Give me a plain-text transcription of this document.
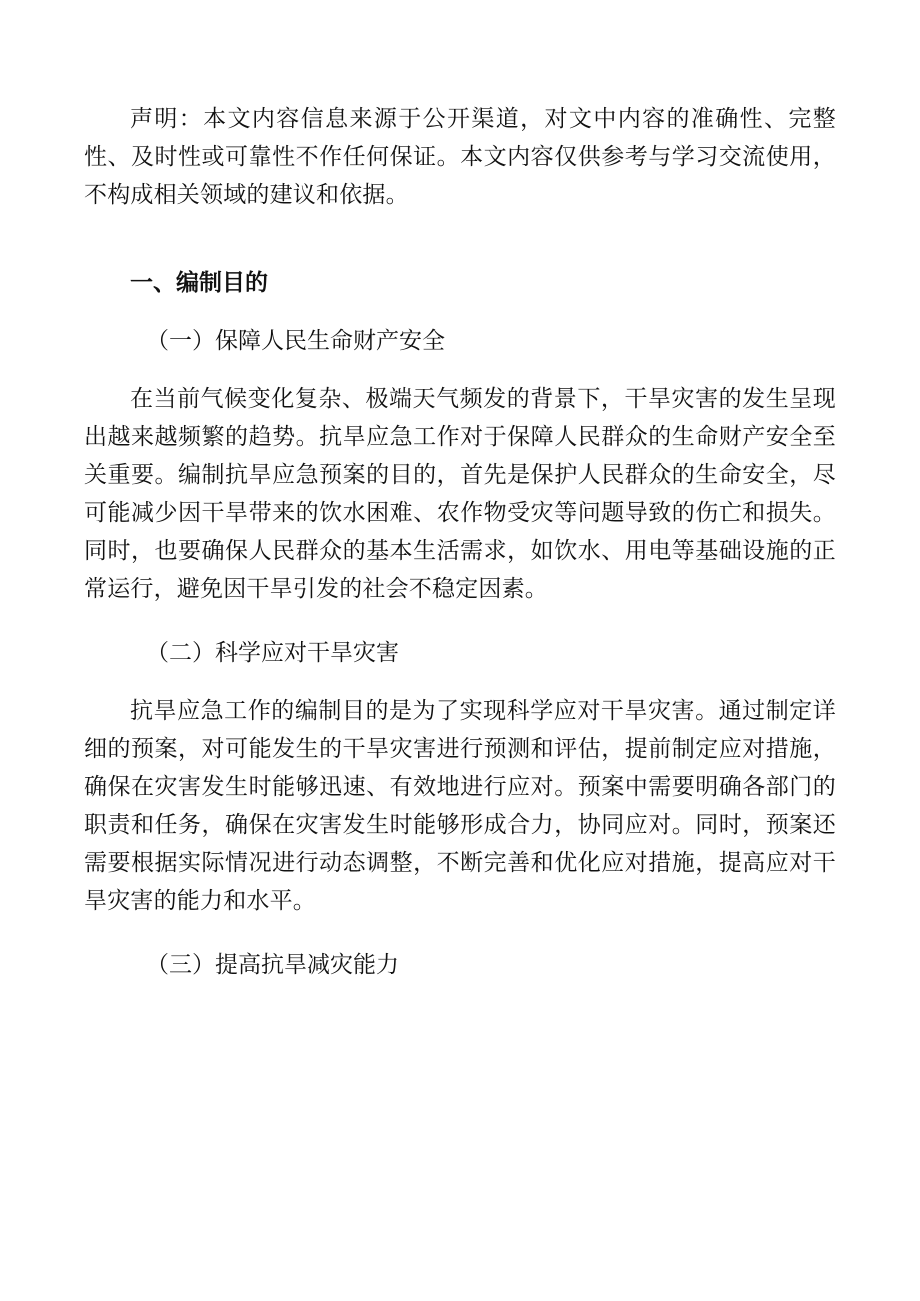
声明：本文内容信息来源于公开渠道，对文中内容的准确性、完整性、及时性或可靠性不作任何保证。本文内容仅供参考与学习交流使用，不构成相关领域的建议和依据。

一、编制目的
（一）保障人民生命财产安全

在当前气候变化复杂、极端天气频发的背景下，干旱灾害的发生呈现出越来越频繁的趋势。抗旱应急工作对于保障人民群众的生命财产安全至关重要。编制抗旱应急预案的目的，首先是保护人民群众的生命安全，尽可能减少因干旱带来的饮水困难、农作物受灾等问题导致的伤亡和损失。同时，也要确保人民群众的基本生活需求，如饮水、用电等基础设施的正常运行，避免因干旱引发的社会不稳定因素。

（二）科学应对干旱灾害

抗旱应急工作的编制目的是为了实现科学应对干旱灾害。通过制定详细的预案，对可能发生的干旱灾害进行预测和评估，提前制定应对措施，确保在灾害发生时能够迅速、有效地进行应对。预案中需要明确各部门的职责和任务，确保在灾害发生时能够形成合力，协同应对。同时，预案还需要根据实际情况进行动态调整，不断完善和优化应对措施，提高应对干旱灾害的能力和水平。

（三）提高抗旱减灾能力
